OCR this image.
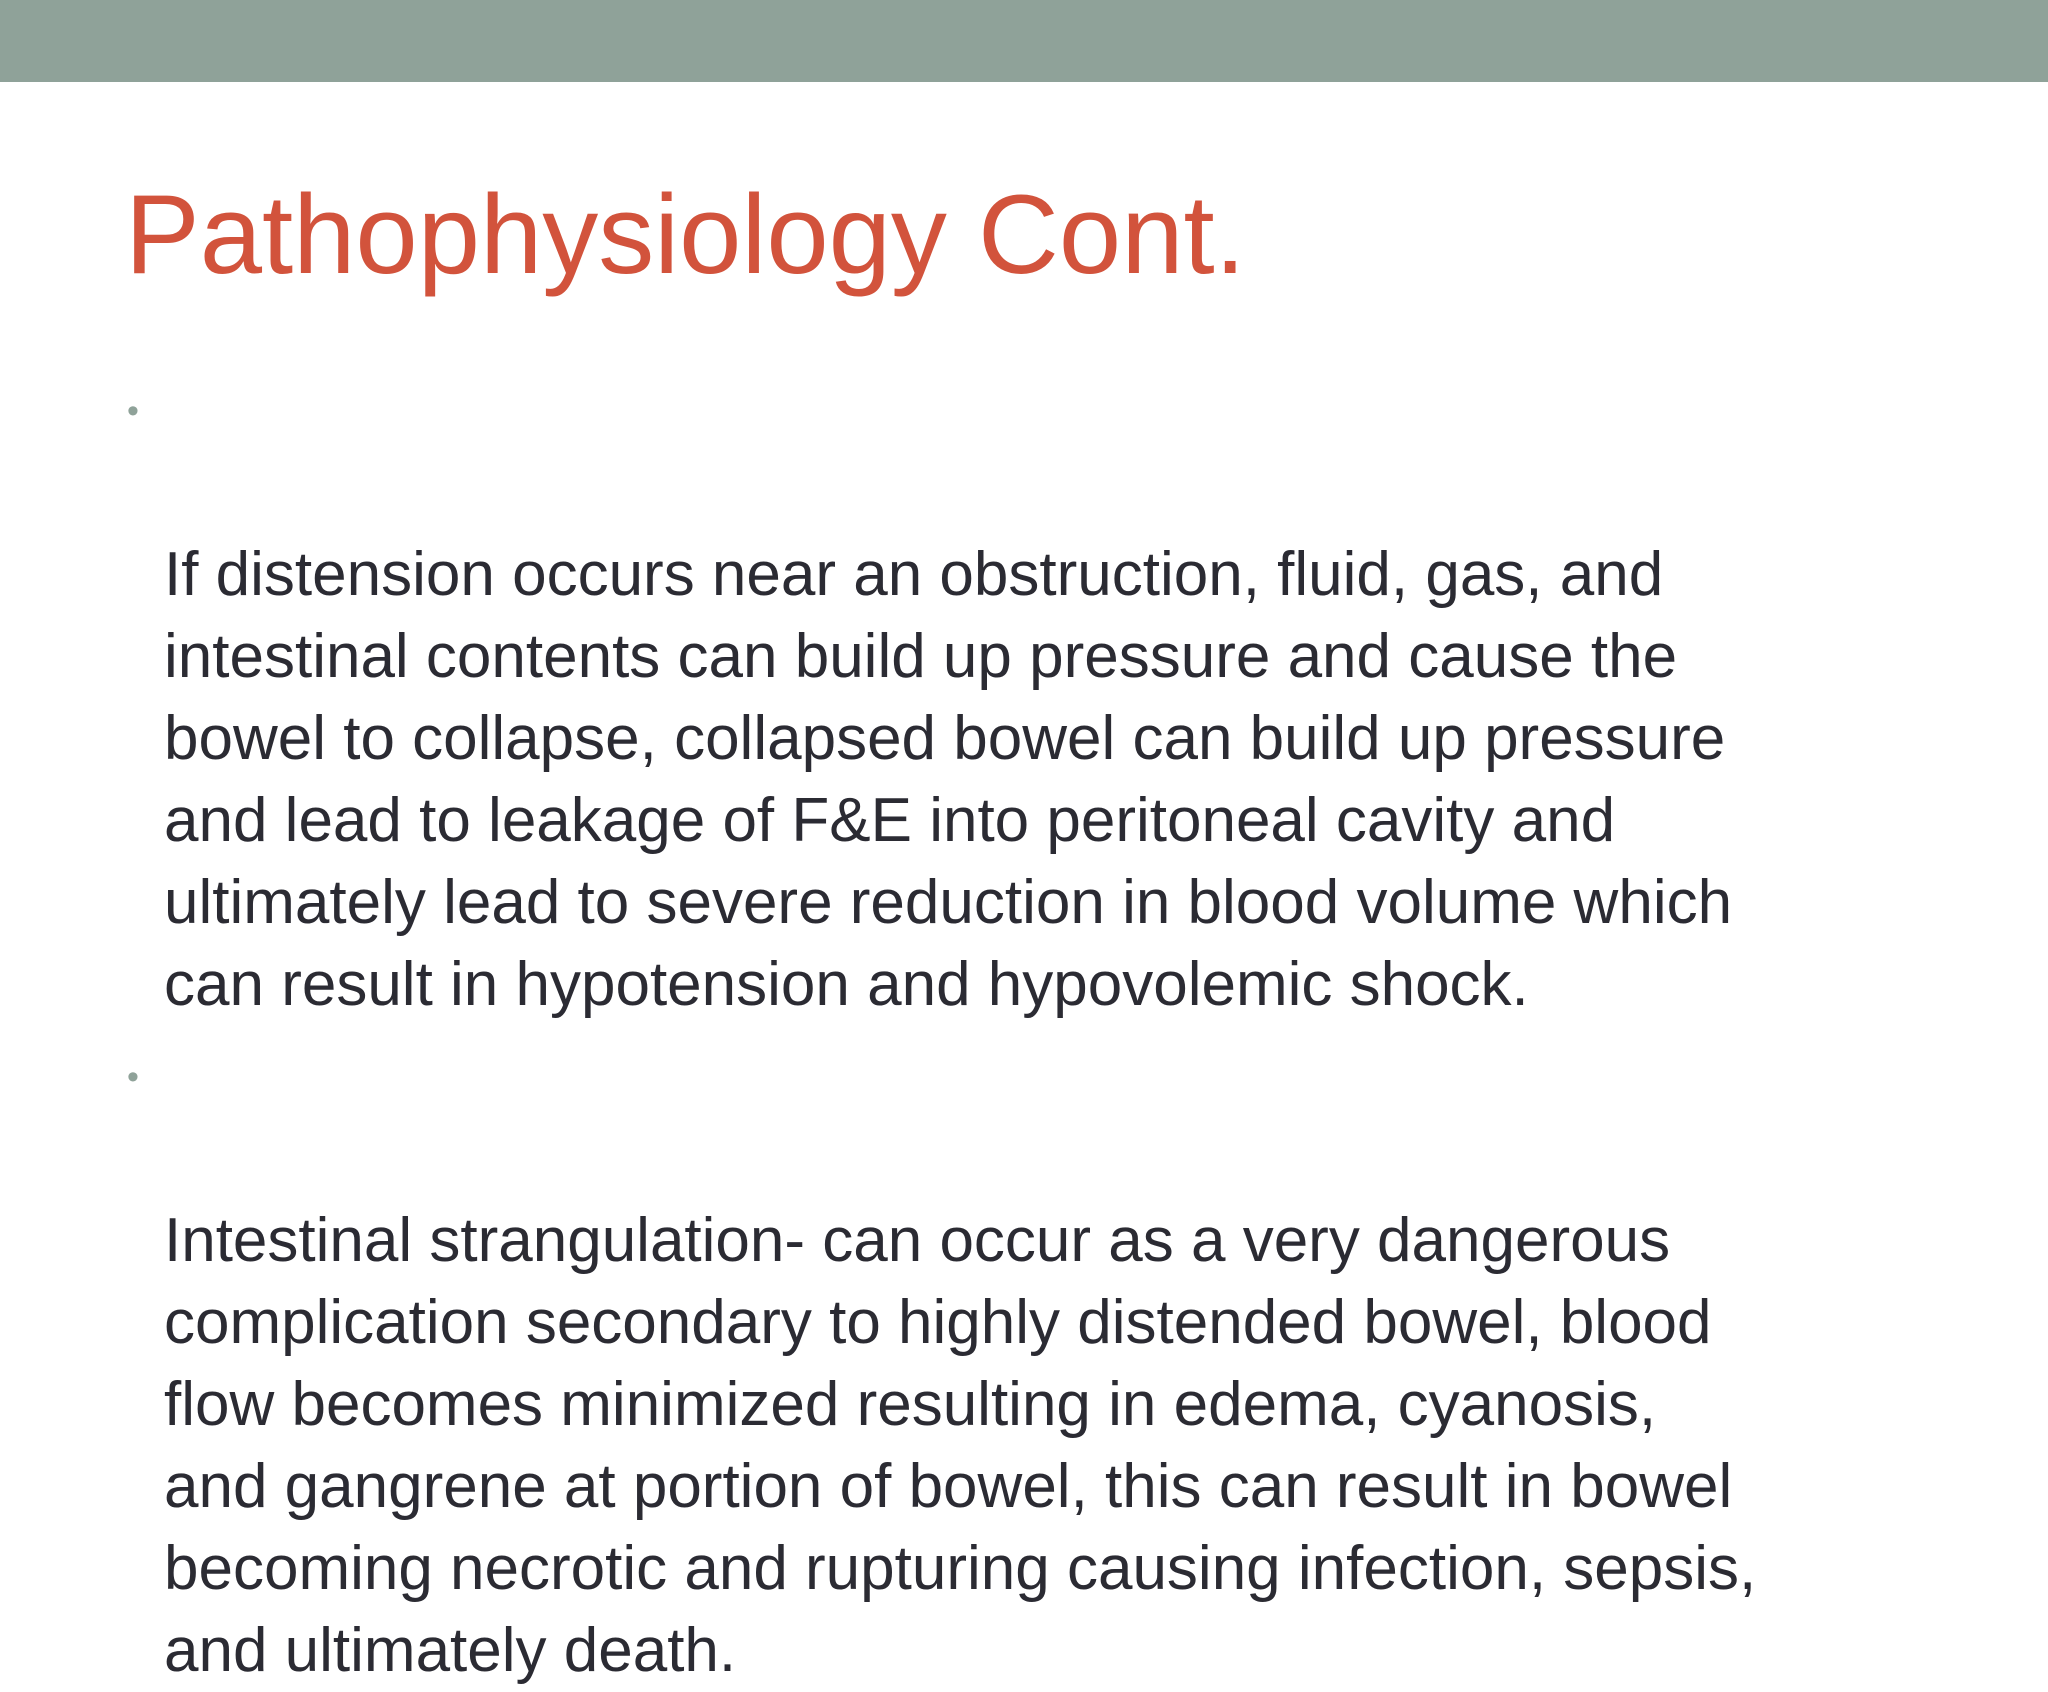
Pathophysiology Cont.

•

If distension occurs near an obstruction, fluid, gas, and
intestinal contents can build up pressure and cause the
bowel to collapse, collapsed bowel can build up pressure
and lead to leakage of F&E into peritoneal cavity and
ultimately lead to severe reduction in blood volume which
can result in hypotension and hypovolemic shock.

•

Intestinal strangulation- can occur as a very dangerous
complication secondary to highly distended bowel, blood
flow becomes minimized resulting in edema, cyanosis,
and gangrene at portion of bowel, this can result in bowel
becoming necrotic and rupturing causing infection, sepsis,
and ultimately death.
